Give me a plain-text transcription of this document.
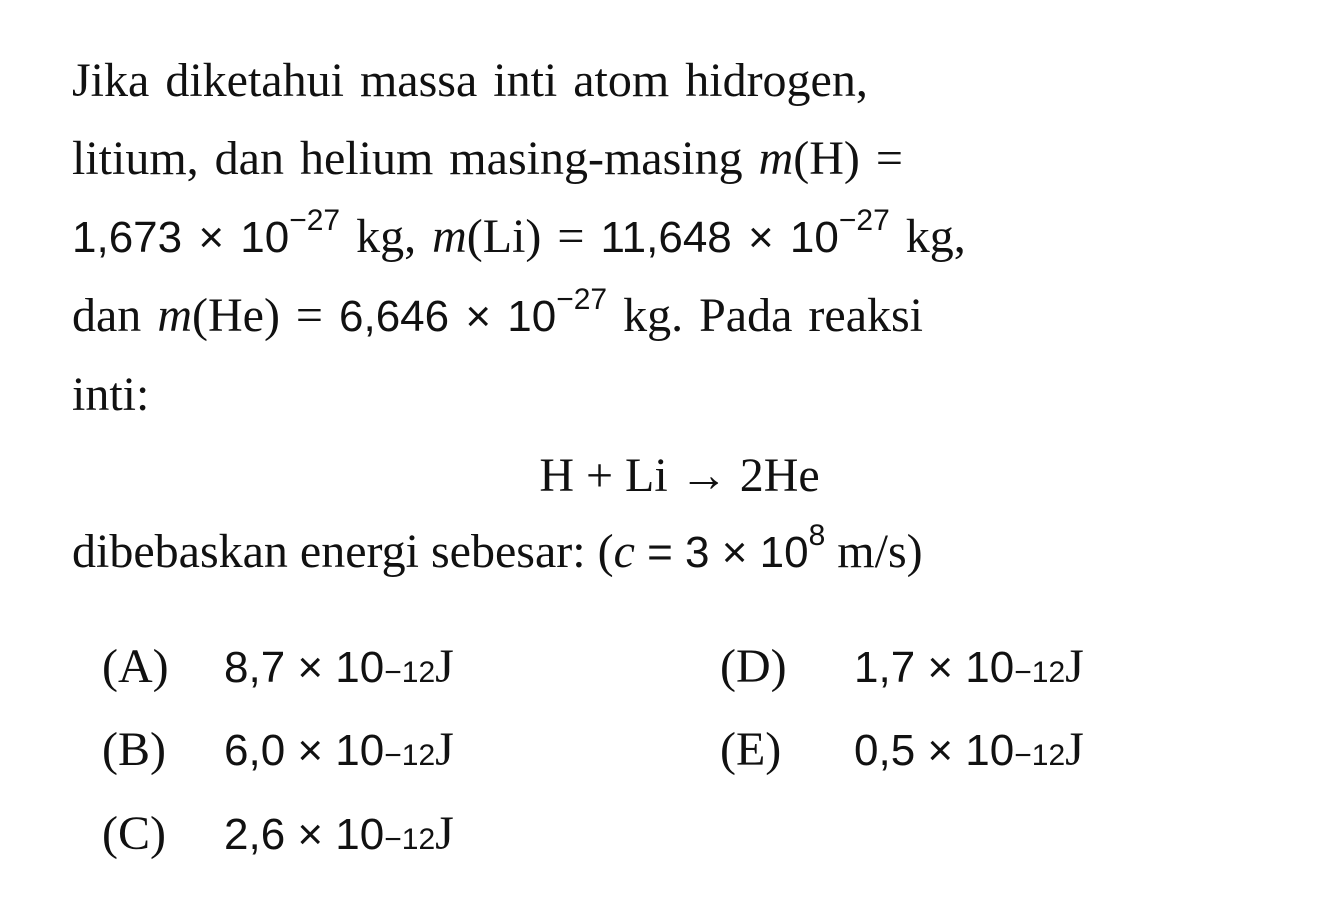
Jika diketahui massa inti atom hidrogen,
litium, dan helium masing-masing m(H) =
$1,673 \times 10^{-27}$ kg, $m(Li) = 11,648 \times 10^{-27}$ kg,
dan $m(He) = 6,646 \times 10^{-27}$ kg. Pada reaksi
inti:
H + Li → 2He
dibebaskan energi sebesar: ($c = 3 \times 10^8$ m/s)
(A)	8,7 × 10 −12 J
(B)	6,0 × 10 −12 J
(C)	2,6 × 10 −12 J
(D)	1,7 × 10 −12 J
(E)	0,5 × 10 −12 J
